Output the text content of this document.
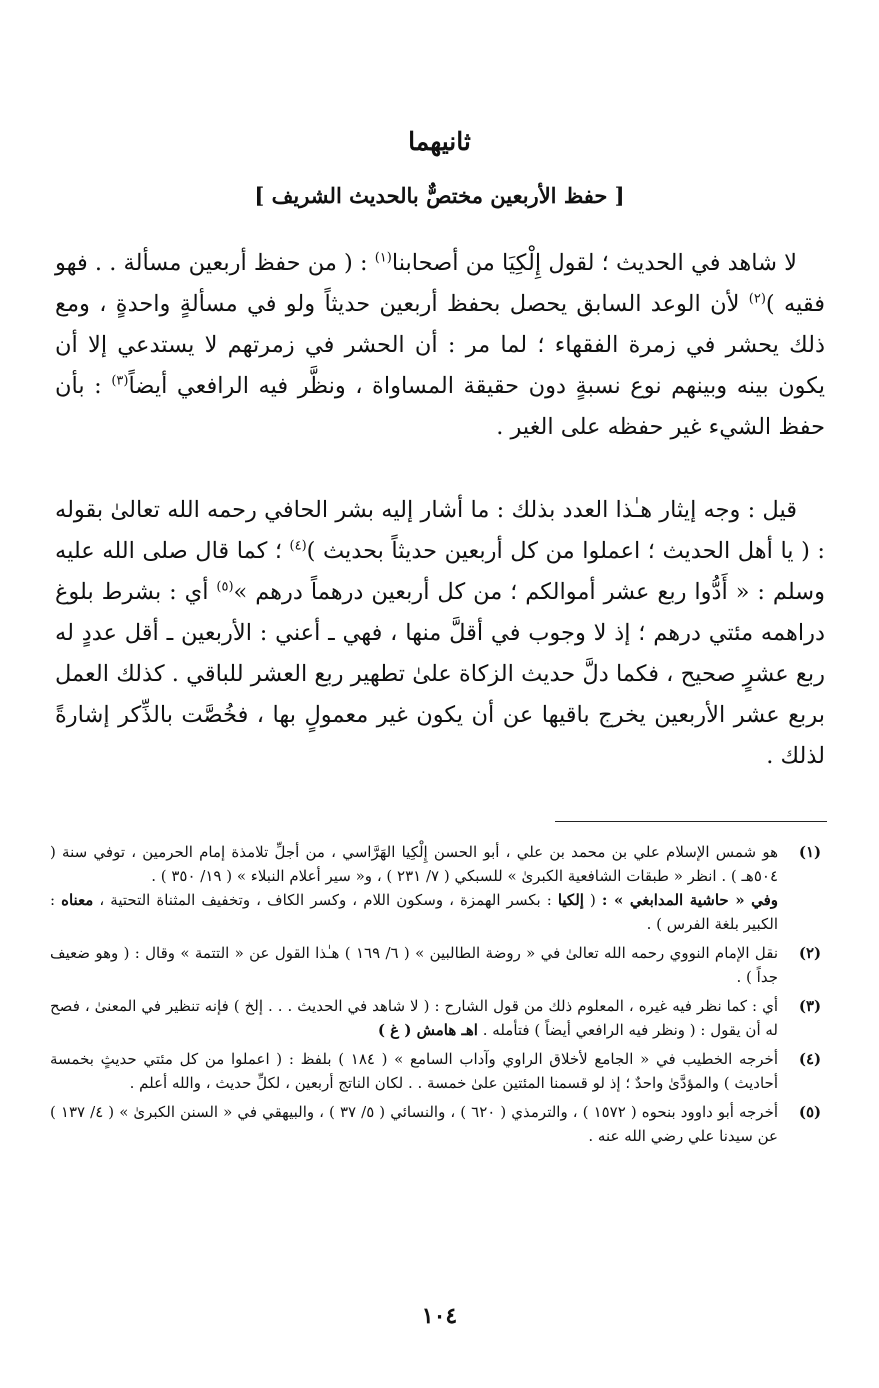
ثانيهما
[ حفظ الأربعين مختصٌّ بالحديث الشريف ]

لا شاهد في الحديث ؛ لقول إِلْكِيَا من أصحابنا$^{(١)}$ : ( من حفظ أربعين مسألة . . فهو فقيه )$^{(٢)}$ لأن الوعد السابق يحصل بحفظ أربعين حديثاً ولو في مسألةٍ واحدةٍ ، ومع ذلك يحشر في زمرة الفقهاء ؛ لما مر : أن الحشر في زمرتهم لا يستدعي إلا أن يكون بينه وبينهم نوع نسبةٍ دون حقيقة المساواة ، ونظَّر فيه الرافعي أيضاً$^{(٣)}$ : بأن حفظ الشيء غير حفظه على الغير .

قيل : وجه إيثار هـٰذا العدد بذلك : ما أشار إليه بشر الحافي رحمه الله تعالىٰ بقوله : ( يا أهل الحديث ؛ اعملوا من كل أربعين حديثاً بحديث )$^{(٤)}$ ؛ كما قال صلى الله عليه وسلم : « أَدُّوا ربع عشر أموالكم ؛ من كل أربعين درهماً درهم »$^{(٥)}$ أي : بشرط بلوغ دراهمه مئتي درهم ؛ إذ لا وجوب في أقلَّ منها ، فهي ـ أعني : الأربعين ـ أقل عددٍ له ربع عشرٍ صحيح ، فكما دلَّ حديث الزكاة علىٰ تطهير ربع العشر للباقي . كذلك العمل بربع عشر الأربعين يخرج باقيها عن أن يكون غير معمولٍ بها ، فخُصَّت بالذِّكر إشارةً لذلك .

(١)
هو شمس الإسلام علي بن محمد بن علي ، أبو الحسن إِلْكِيا الهَرَّاسي ، من أجلِّ تلامذة إمام الحرمين ، توفي سنة ( ٥٠٤هـ ) . انظر « طبقات الشافعية الكبرىٰ » للسبكي ( ٧/ ٢٣١ ) ، و« سير أعلام النبلاء » ( ١٩/ ٣٥٠ ) .
وفي « حاشية المدابغي » : ( إلكيا : بكسر الهمزة ، وسكون اللام ، وكسر الكاف ، وتخفيف المثناة التحتية ، معناه : الكبير بلغة الفرس ) .
(٢)
نقل الإمام النووي رحمه الله تعالىٰ في « روضة الطالبين » ( ٦/ ١٦٩ ) هـٰذا القول عن « التتمة » وقال : ( وهو ضعيف جداً ) .
(٣)
أي : كما نظر فيه غيره ، المعلوم ذلك من قول الشارح : ( لا شاهد في الحديث . . . إلخ ) فإنه تنظير في المعنىٰ ، فصح له أن يقول : ( ونظر فيه الرافعي أيضاً ) فتأمله . اهـ هامش ( غ )
(٤)
أخرجه الخطيب في « الجامع لأخلاق الراوي وآداب السامع » ( ١٨٤ ) بلفظ : ( اعملوا من كل مئتي حديثٍ بخمسة أحاديث ) والمؤدَّىٰ واحدٌ ؛ إذ لو قسمنا المئتين علىٰ خمسة . . لكان الناتج أربعين ، لكلِّ حديث ، والله أعلم .
(٥)
أخرجه أبو داوود بنحوه ( ١٥٧٢ ) ، والترمذي ( ٦٢٠ ) ، والنسائي ( ٥/ ٣٧ ) ، والبيهقي في « السنن الكبرىٰ » ( ٤/ ١٣٧ ) عن سيدنا علي رضي الله عنه .
١٠٤
